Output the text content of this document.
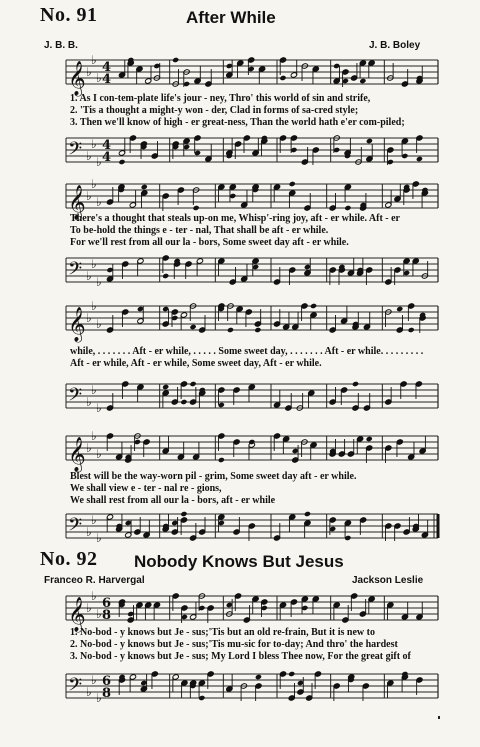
No. 91	After While
J. B. B.	J. B. Boley
𝄞 ♭
♭
♭
4
4
1. As I con-tem-plate life's jour - ney, Thro' this world of sin and strife,
2. 'Tis a thought a might-y won - der, Clad in forms of sa-cred style;
3. Then we'll know of high - er great-ness, Than the world hath e'er com-piled;
𝄢 ♭
♭
♭
4
4
𝄞 ♭
♭
♭
There's a thought that steals up-on me, Whisp'-ring joy, aft - er while. Aft - er
To be-hold the things e - ter - nal, That shall be aft - er while.
For we'll rest from all our la - bors, Some sweet day aft - er while.
𝄢 ♭
♭
♭
𝄞 ♭
♭
♭
while, . . . . . . . Aft - er while, . . . . . Some sweet day, . . . . . . . Aft - er while. . . . . . . . .
Aft - er while, Aft - er while, Some sweet day, Aft - er while.
𝄢 ♭
♭
♭
𝄞 ♭
♭
♭
Blest will be the way-worn pil - grim, Some sweet day aft - er while.
We shall view e - ter - nal re - gions,
We shall rest from all our la - bors, aft - er while
𝄢 ♭
♭
♭
No. 92 Nobody Knows But Jesus
Franceo R. Harvergal	Jackson Leslie
𝄞 ♭
♭
♭
6
8
1. No-bod - y knows but Je - sus;'Tis but an old re-frain, But it is new to
2. No-bod - y knows but Je - sus;'Tis mu-sic for to-day; And thro' the hardest
3. No-bod - y knows but Je - sus; My Lord I bless Thee now, For the great gift of
𝄢 ♭
♭
♭
6
8
